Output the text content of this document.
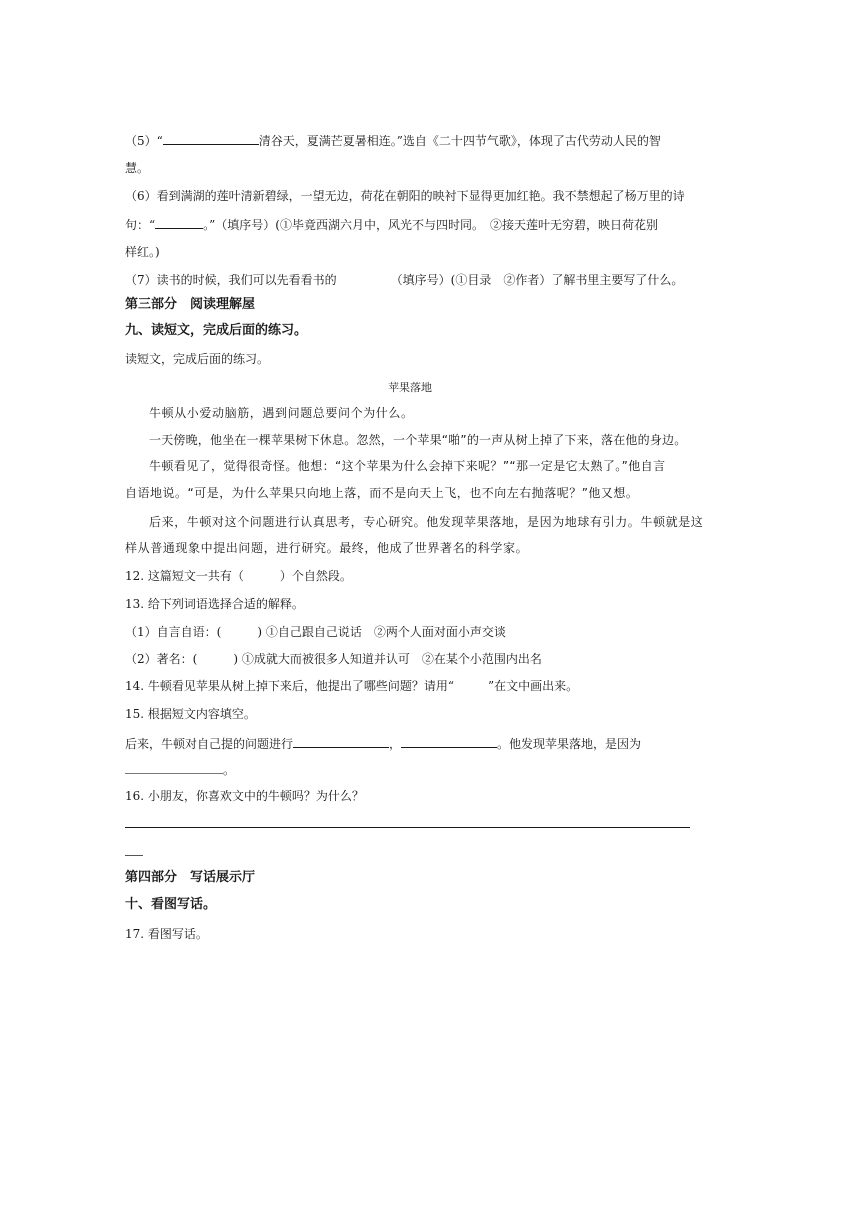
（5）“	清谷天，夏满芒夏暑相连。”选自《二十四节气歌》，体现了古代劳动人民的智
慧。
（6）看到满湖的莲叶清新碧绿，一望无边，荷花在朝阳的映衬下显得更加红艳。我不禁想起了杨万里的诗
句：“	。”（填序号）(①毕竟西湖六月中，风光不与四时同。　②接天莲叶无穷碧，映日荷花别
样红。)
（7）读书的时候，我们可以先看看书的	（填序号）(①目录　②作者）了解书里主要写了什么。
第三部分　阅读理解屋
九、读短文，完成后面的练习。
读短文，完成后面的练习。
苹果落地
牛顿从小爱动脑筋，遇到问题总要问个为什么。
一天傍晚，他坐在一棵苹果树下休息。忽然，一个苹果“啪”的一声从树上掉了下来，落在他的身边。
牛顿看见了，觉得很奇怪。他想：“这个苹果为什么会掉下来呢？”“那一定是它太熟了。”他自言
自语地说。“可是，为什么苹果只向地上落，而不是向天上飞，也不向左右抛落呢？”他又想。
后来，牛顿对这个问题进行认真思考，专心研究。他发现苹果落地，是因为地球有引力。牛顿就是这
样从普通现象中提出问题，进行研究。最终，他成了世界著名的科学家。
12. 这篇短文一共有（	）个自然段。
13. 给下列词语选择合适的解释。
（1）自言自语：(	) ①自己跟自己说话　②两个人面对面小声交谈
（2）著名：(	) ①成就大而被很多人知道并认可　②在某个小范围内出名
14. 牛顿看见苹果从树上掉下来后，他提出了哪些问题？请用“	”在文中画出来。
15. 根据短文内容填空。
后来，牛顿对自己提的问题进行	，	。他发现苹果落地，是因为
。
16. 小朋友，你喜欢文中的牛顿吗？为什么？
第四部分　写话展示厅
十、看图写话。
17. 看图写话。
